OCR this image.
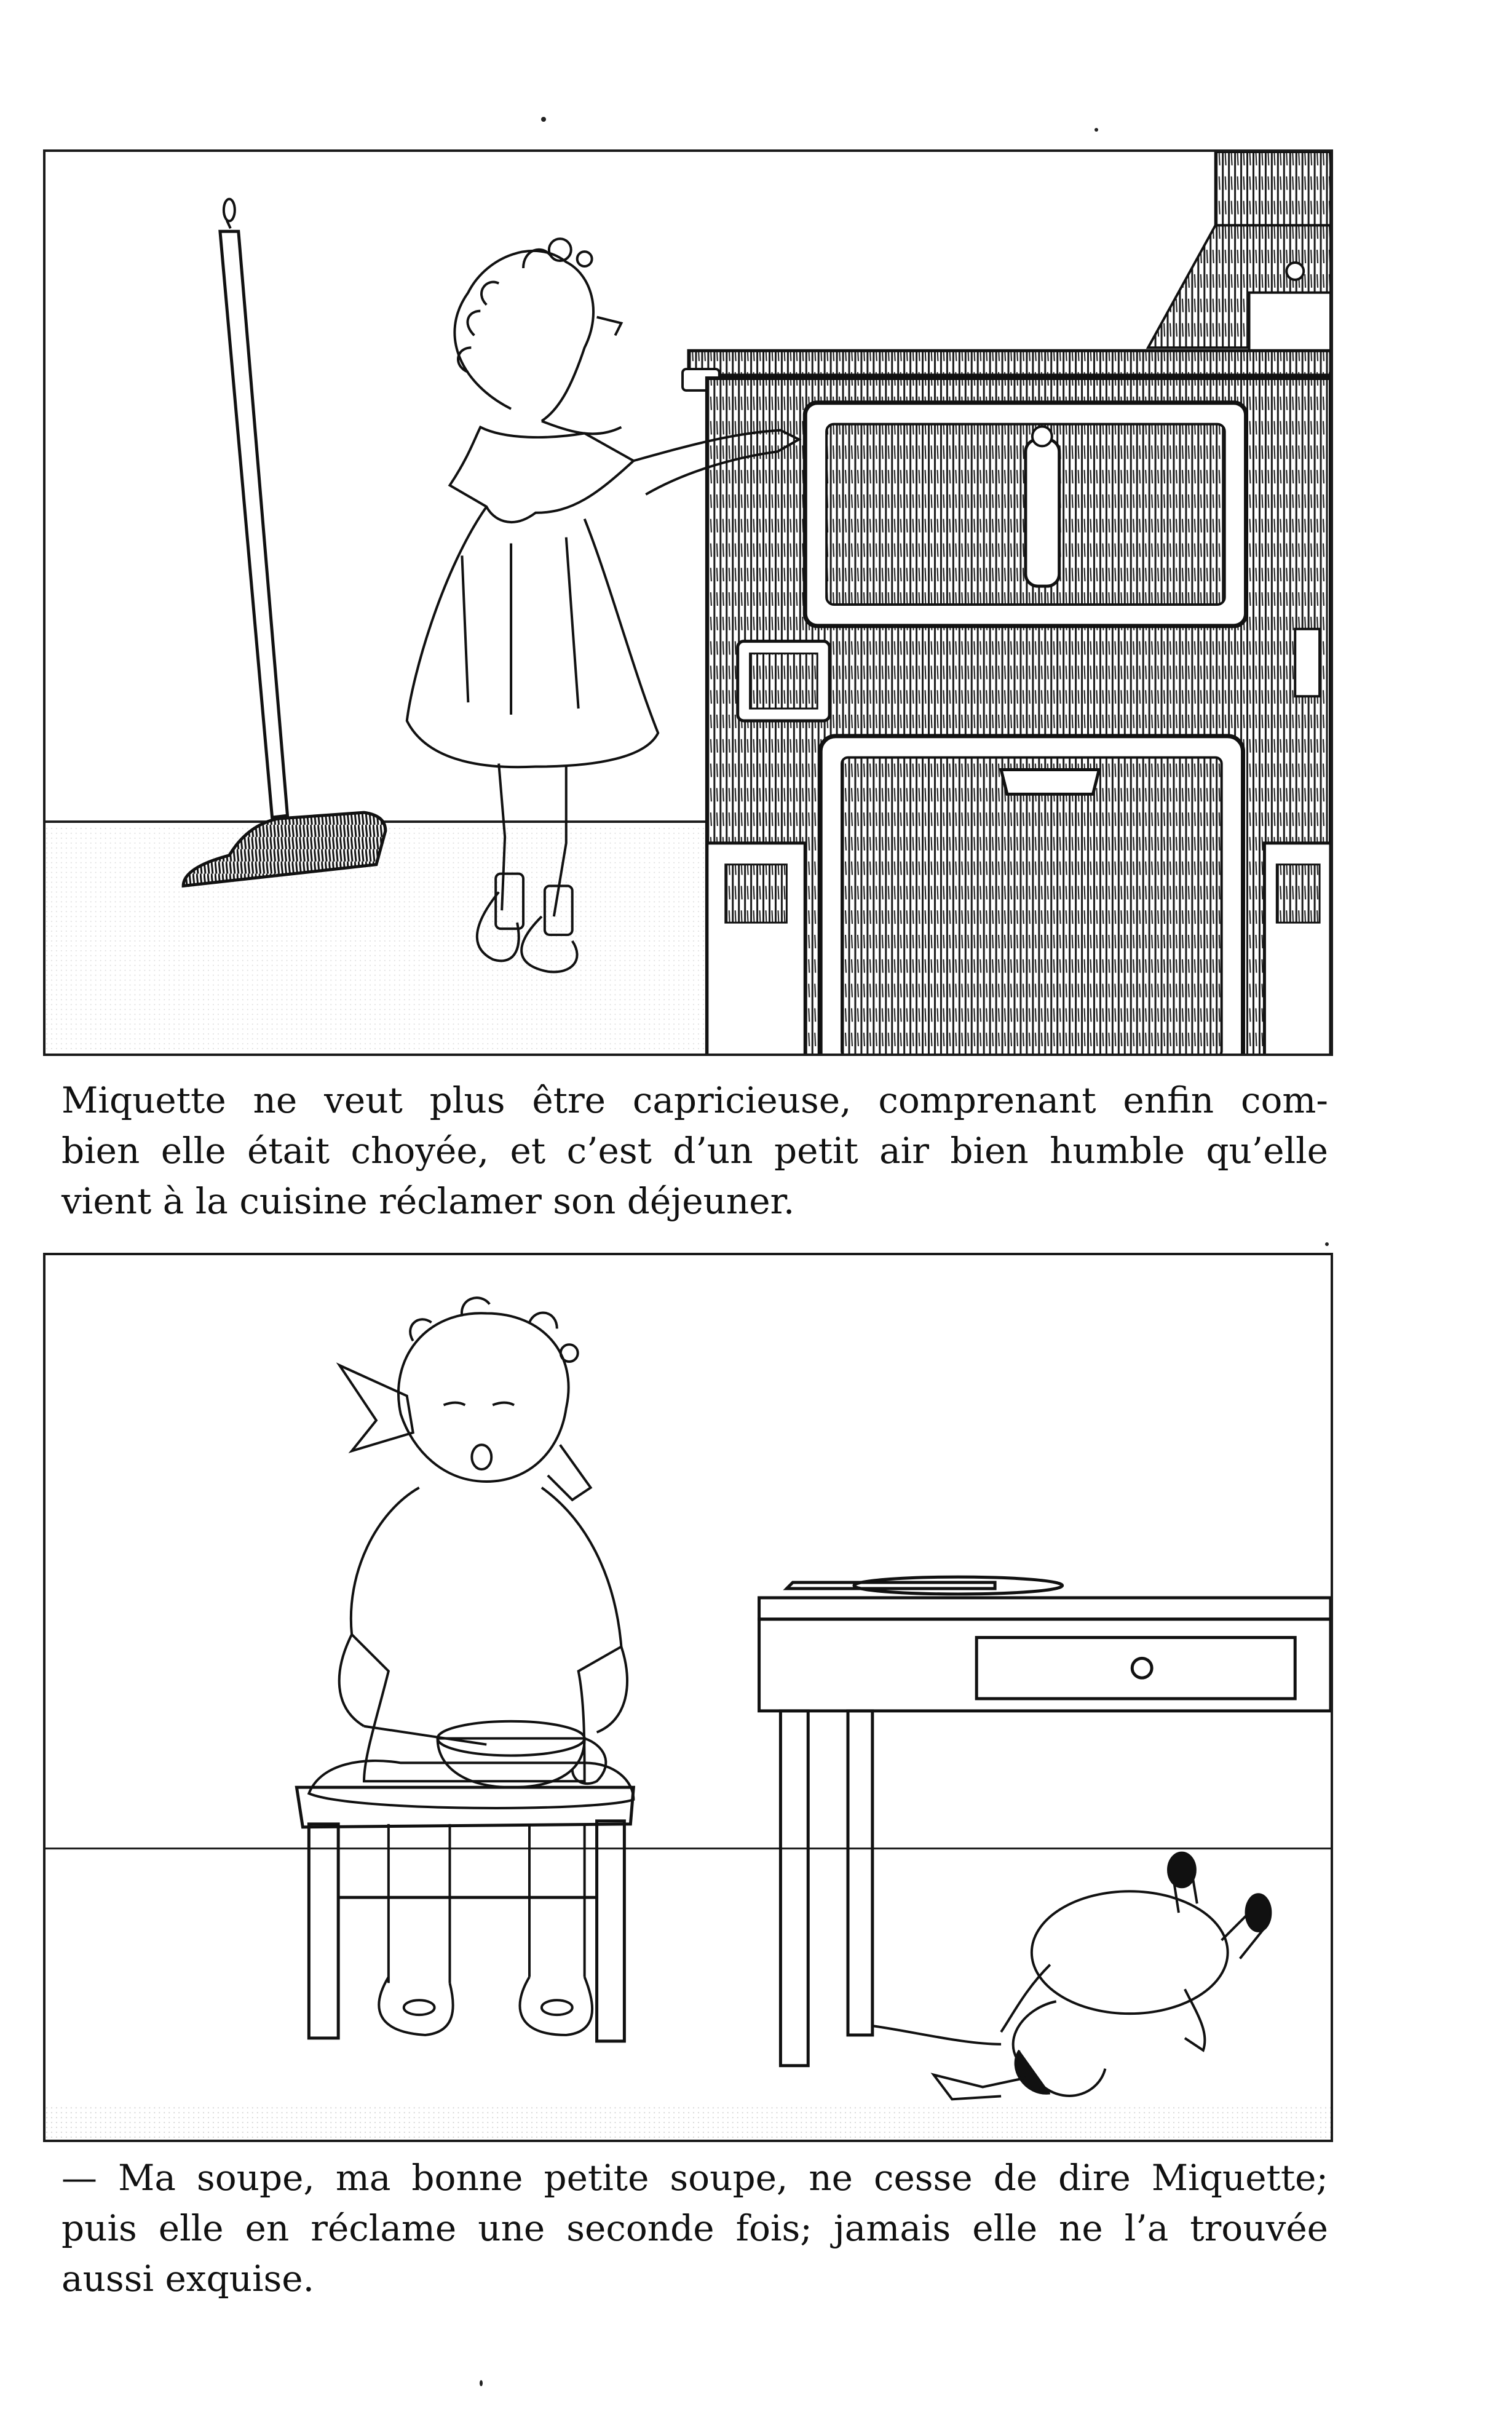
Miquette ne veut plus être capricieuse, comprenant enfin com-
bien elle était choyée, et c’est d’un petit air bien humble qu’elle
vient à la cuisine réclamer son déjeuner.

— Ma soupe, ma bonne petite soupe, ne cesse de dire Miquette;
puis elle en réclame une seconde fois; jamais elle ne l’a trouvée
aussi exquise.
